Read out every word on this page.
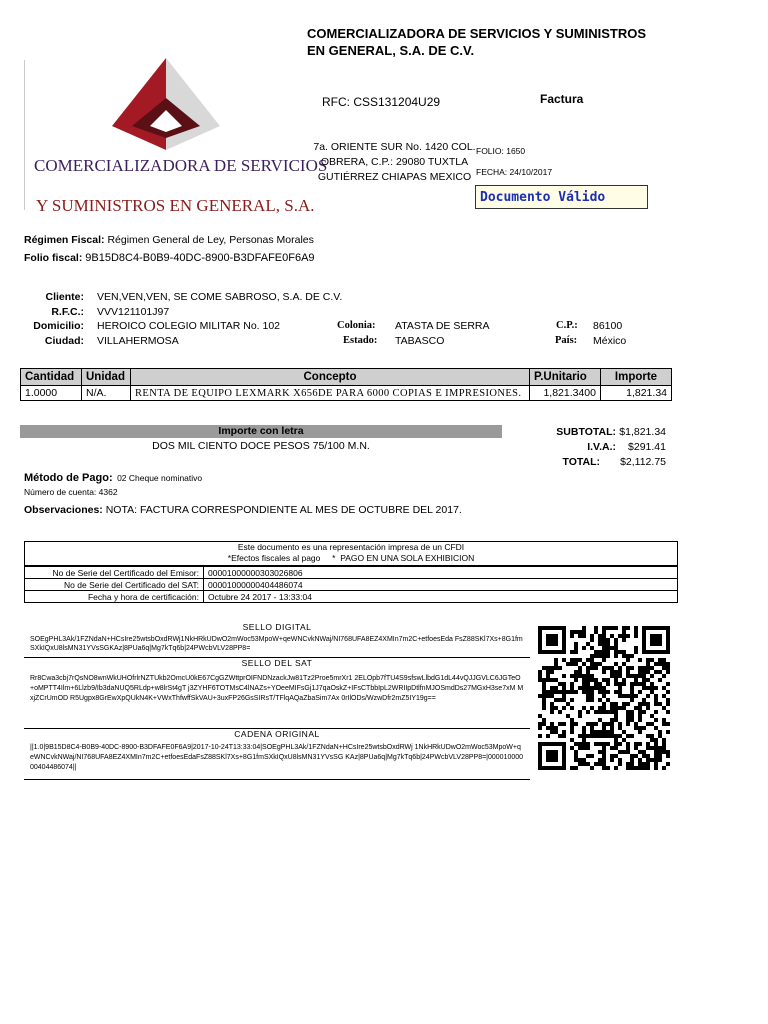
COMERCIALIZADORA DE SERVICIOS
Y SUMINISTROS EN GENERAL, S.A.
COMERCIALIZADORA DE SERVICIOS Y SUMINISTROS EN GENERAL, S.A. DE C.V.
RFC: CSS131204U29	Factura
7a. ORIENTE SUR No. 1420 COL.
OBRERA, C.P.: 29080 TUXTLA
GUTIÉRREZ CHIAPAS MEXICO
FOLIO: 1650
FECHA: 24/10/2017
Documento Válido
Régimen Fiscal: Régimen General de Ley, Personas Morales
Folio fiscal: 9B15D8C4-B0B9-40DC-8900-B3DFAFE0F6A9
Cliente: VEN,VEN,VEN, SE COME SABROSO, S.A. DE C.V.
R.F.C.: VVV121101J97
Domicilio: HEROICO COLEGIO MILITAR No. 102	Colonia: ATASTA DE SERRA	C.P.: 86100
Ciudad: VILLAHERMOSA	Estado: TABASCO	País: México
Cantidad	Unidad	Concepto	P.Unitario	Importe
1.0000	N/A.	RENTA DE EQUIPO LEXMARK X656DE PARA 6000 COPIAS E IMPRESIONES.	1,821.3400	1,821.34
Importe con letra
DOS MIL CIENTO DOCE PESOS 75/100 M.N.
SUBTOTAL: $1,821.34
I.V.A.: $291.41
TOTAL: $2,112.75
Método de Pago: 02 Cheque nominativo
Número de cuenta: 4362
Observaciones: NOTA: FACTURA CORRESPONDIENTE AL MES DE OCTUBRE DEL 2017.
Este documento es una representación impresa de un CFDI
*Efectos fiscales al pago     *  PAGO EN UNA SOLA EXHIBICION
No de Serie del Certificado del Emisor:	00001000000303026806
No de Serie del Certificado del SAT:	00001000000404486074
Fecha y hora de certificación:	Octubre 24 2017 - 13:33:04
SELLO DIGITAL
SOEgPHL3Ak/1FZNdaN+HCsIre25wtsbOxdRWj1NkHRkUDwO2mWoc53MpoW+qeWNCvkNWaj/NI768UFA8EZ4XMIn7m2C+etfoesEda FsZ88SKl7Xs+8G1fmSXkIQxU8lsMN31YVsSGKAz|8PUa6q|Mg7kTq6b|24PWcbVLV28PP8=
SELLO DEL SAT
Rr8Cwa3cbj7rQsNO8wnWkUHOfrlrNZTUkb2OmcU0kE67CgGZWttprOIFNDNzackJw81Tz2Proe5mrXr1 2ELOpb7fTU4S9sfswLlbdG1dL44vQJJGVLC6JGTeO+oMPTT4Ilm+6Llzb9/Ib3daNUQ5RLdp+w8lrSt4gT j3ZYHF6TOTMsC4lNAZs+YOeeMIFsGj1J7qaOskZ+IFsCTbbIpL2WRIIpDtlfnMJOSmdDs27MGxH3se7xM MxjZCrUmOD R5Ugpx8GrEwXpQUkN4K+VWxThfwffSkVAU+3uxFP26GsSIRsT/TFlqAQaZbaSim7Ax 0rIlODs/WzwDfr2mZ5IY19g==
CADENA ORIGINAL
||1.0|9B15D8C4-B0B9-40DC-8900-B3DFAFE0F6A9|2017-10-24T13:33:04|SOEgPHL3Ak/1FZNdaN+HCsIre25wtsbOxdRWj 1NkHRkUDwO2mWoc53MpoW+qeWNCvkNWaj/NI768UFA8EZ4XMIn7m2C+etfoesEdaFsZ88SKl7Xs+8G1fmSXkIQxU8lsMN31YVsSG KAz|8PUa6q|Mg7kTq6b|24PWcbVLV28PP8=|00001000000404486074||
